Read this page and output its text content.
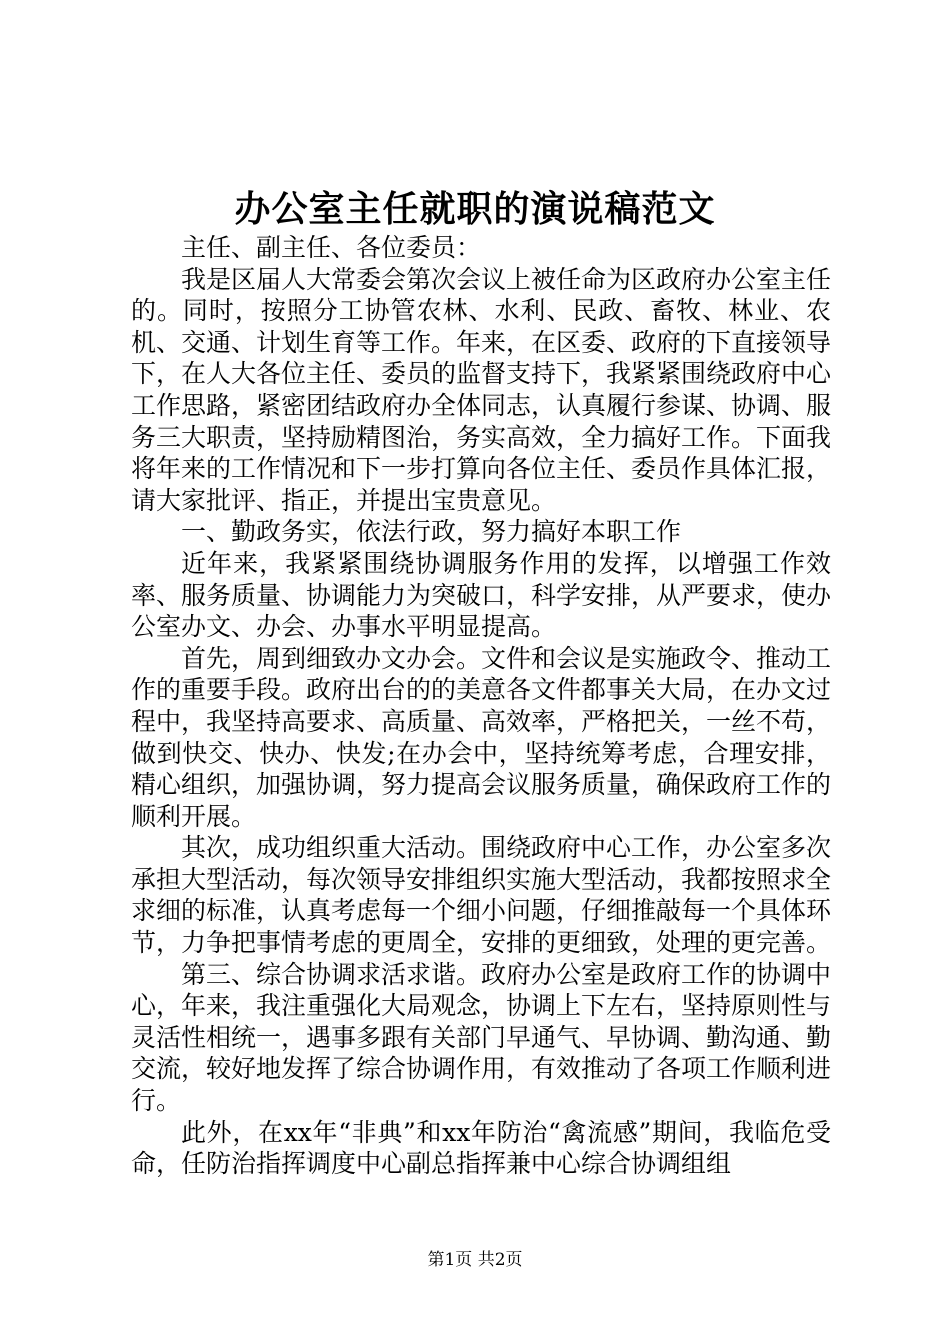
办公室主任就职的演说稿范文

主任、副主任、各位委员：

我是区届人大常委会第次会议上被任命为区政府办公室主任的。同时，按照分工协管农林、水利、民政、畜牧、林业、农机、交通、计划生育等工作。年来，在区委、政府的下直接领导下，在人大各位主任、委员的监督支持下，我紧紧围绕政府中心工作思路，紧密团结政府办全体同志，认真履行参谋、协调、服务三大职责，坚持励精图治，务实高效，全力搞好工作。下面我将年来的工作情况和下一步打算向各位主任、委员作具体汇报，请大家批评、指正，并提出宝贵意见。

一、勤政务实，依法行政，努力搞好本职工作

近年来，我紧紧围绕协调服务作用的发挥，以增强工作效率、服务质量、协调能力为突破口，科学安排，从严要求，使办公室办文、办会、办事水平明显提高。

首先，周到细致办文办会。文件和会议是实施政令、推动工作的重要手段。政府出台的的美意各文件都事关大局，在办文过程中，我坚持高要求、高质量、高效率，严格把关，一丝不苟，做到快交、快办、快发;在办会中，坚持统筹考虑，合理安排，精心组织，加强协调，努力提高会议服务质量，确保政府工作的顺利开展。

其次，成功组织重大活动。围绕政府中心工作，办公室多次承担大型活动，每次领导安排组织实施大型活动，我都按照求全求细的标准，认真考虑每一个细小问题，仔细推敲每一个具体环节，力争把事情考虑的更周全，安排的更细致，处理的更完善。

第三、综合协调求活求谐。政府办公室是政府工作的协调中心，年来，我注重强化大局观念，协调上下左右，坚持原则性与灵活性相统一，遇事多跟有关部门早通气、早协调、勤沟通、勤交流，较好地发挥了综合协调作用，有效推动了各项工作顺利进行。

此外，在xx年“非典”和xx年防治“禽流感”期间，我临危受命，任防治指挥调度中心副总指挥兼中心综合协调组组

第1页 共2页
